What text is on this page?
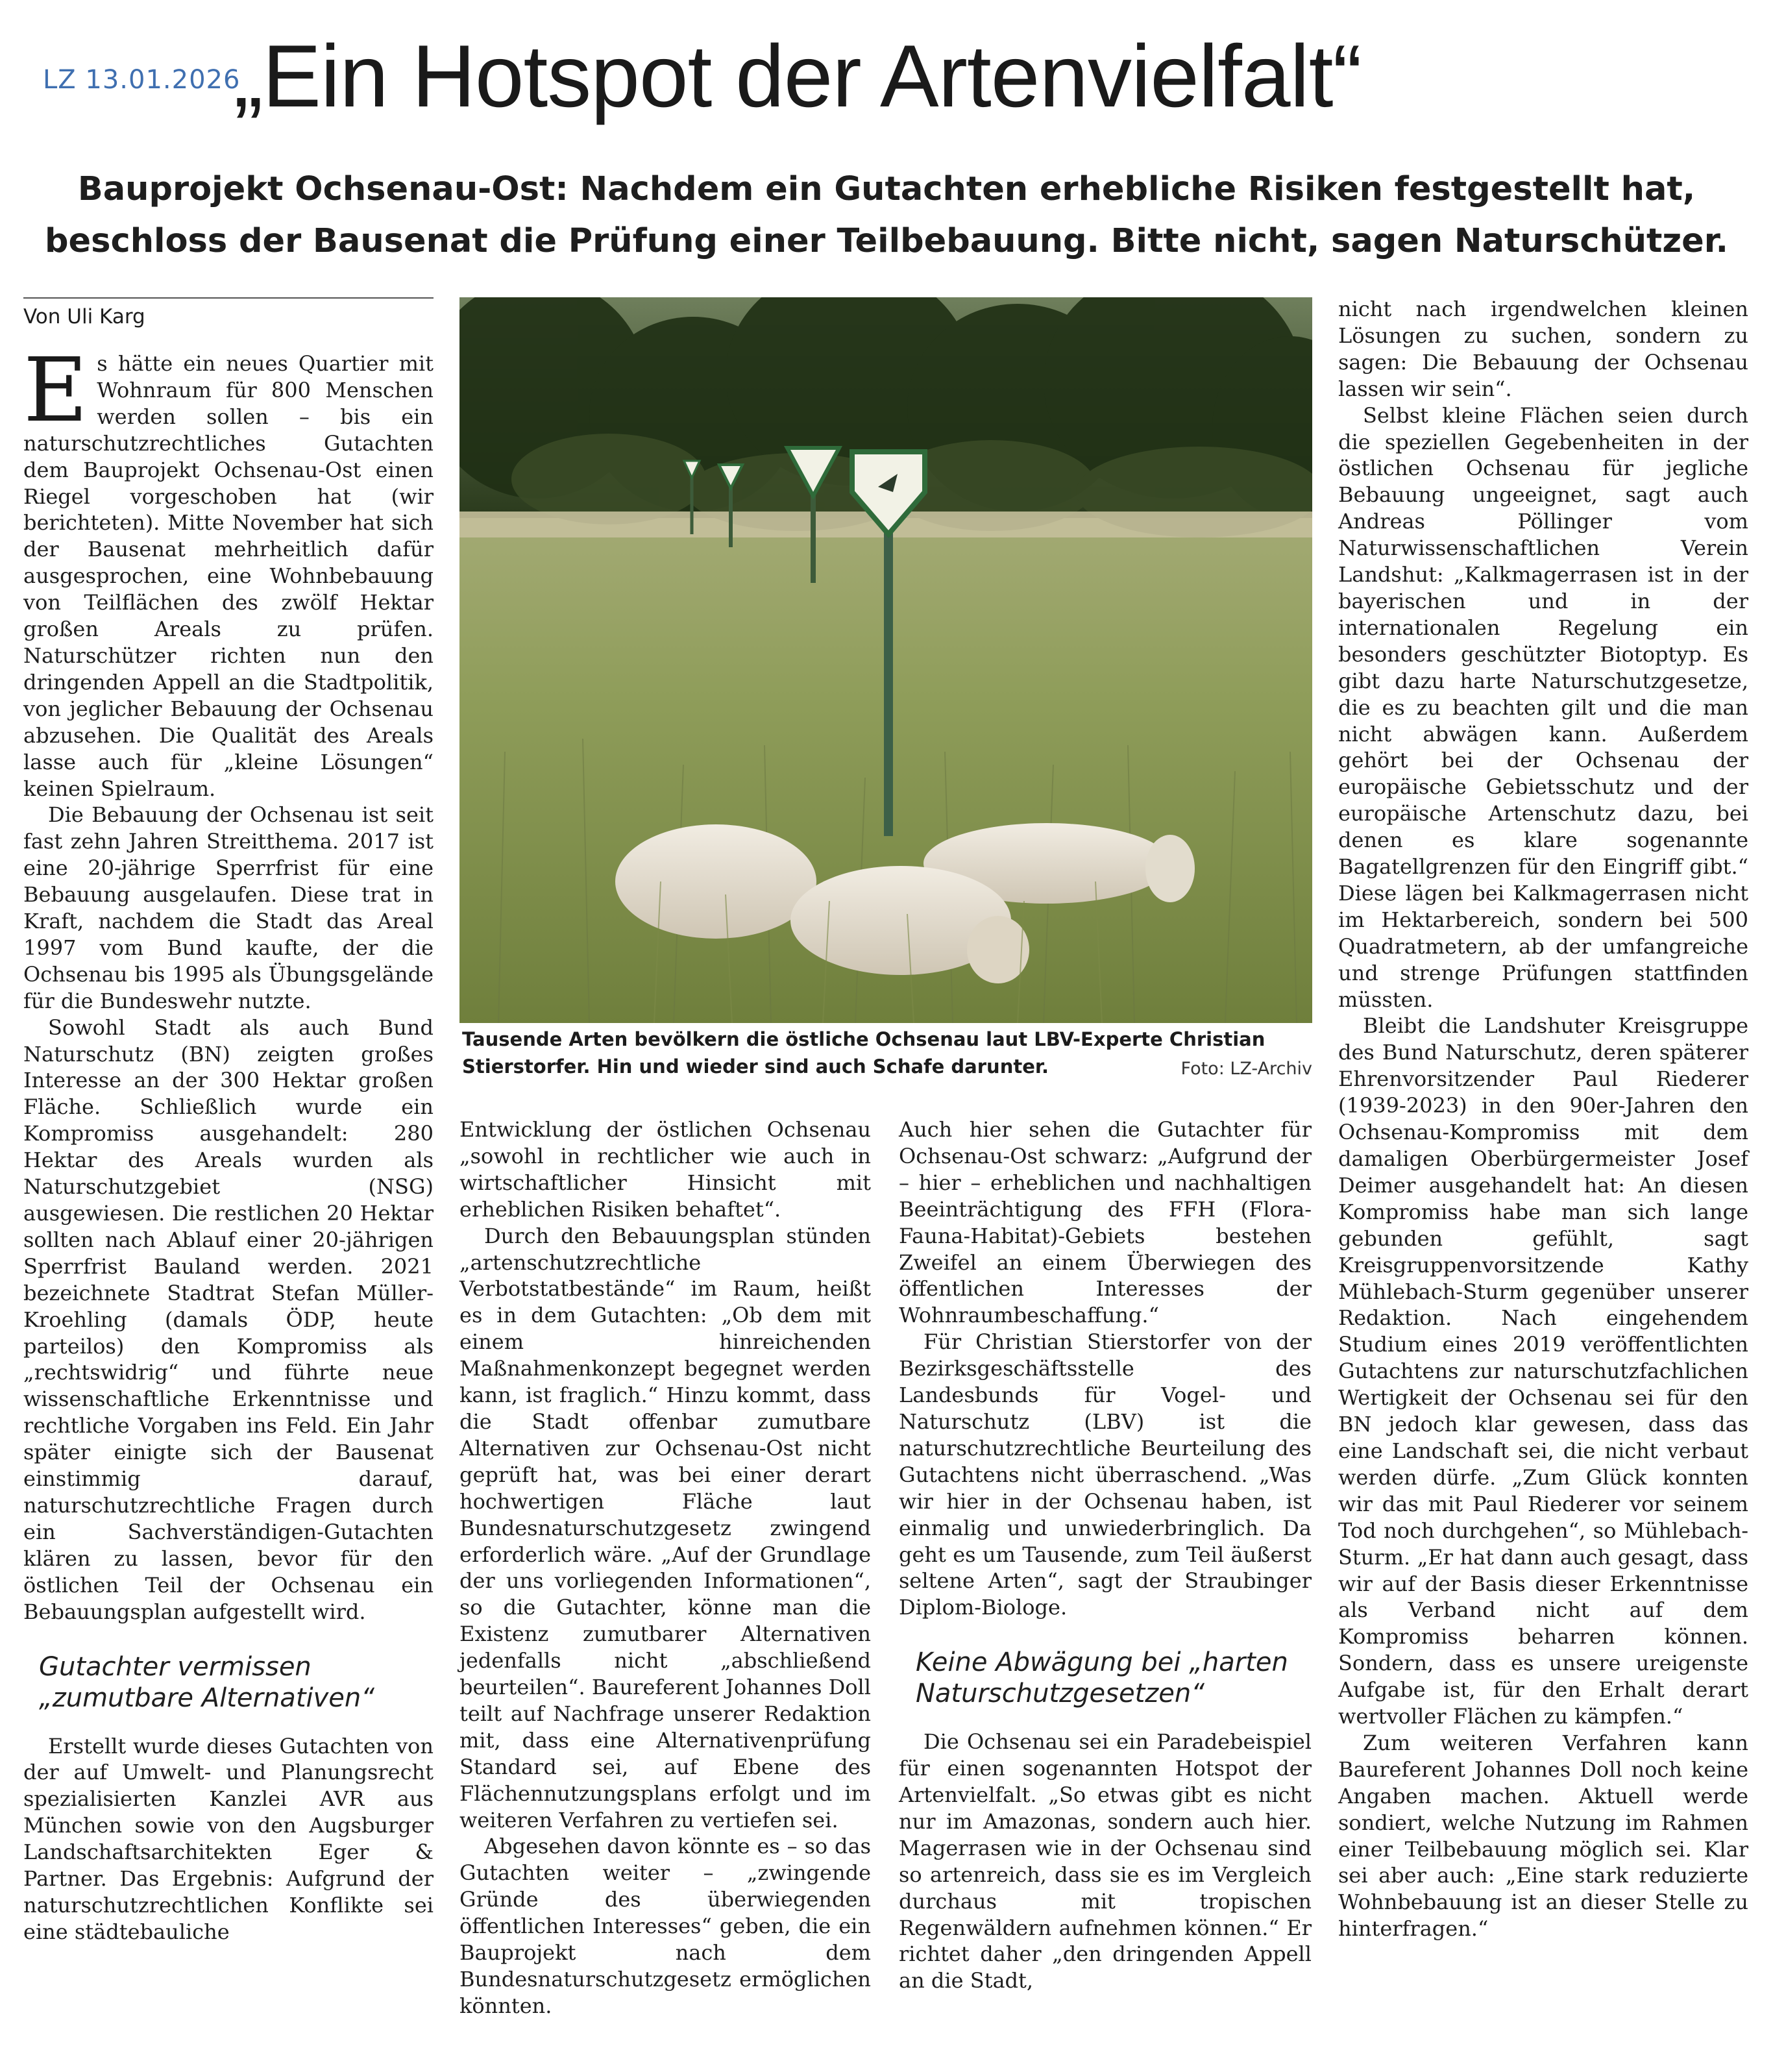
LZ 13.01.2026
„Ein Hotspot der Artenvielfalt“
Bauprojekt Ochsenau-Ost: Nachdem ein Gutachten erhebliche Risiken festgestellt hat,
beschloss der Bausenat die Prüfung einer Teilbebauung. Bitte nicht, sagen Naturschützer.

Von Uli Karg

Es hätte ein neues Quartier mit Wohnraum für 800 Menschen werden sollen – bis ein naturschutzrechtliches Gutachten dem Bauprojekt Ochsenau-Ost einen Riegel vorgeschoben hat (wir berichteten). Mitte November hat sich der Bausenat mehrheitlich dafür ausgesprochen, eine Wohnbebauung von Teilflächen des zwölf Hektar großen Areals zu prüfen. Naturschützer richten nun den dringenden Appell an die Stadtpolitik, von jeglicher Bebauung der Ochsenau abzusehen. Die Qualität des Areals lasse auch für „kleine Lösungen“ keinen Spielraum.

Die Bebauung der Ochsenau ist seit fast zehn Jahren Streitthema. 2017 ist eine 20-jährige Sperrfrist für eine Bebauung ausgelaufen. Diese trat in Kraft, nachdem die Stadt das Areal 1997 vom Bund kaufte, der die Ochsenau bis 1995 als Übungsgelände für die Bundeswehr nutzte.

Sowohl Stadt als auch Bund Naturschutz (BN) zeigten großes Interesse an der 300 Hektar großen Fläche. Schließlich wurde ein Kompromiss ausgehandelt: 280 Hektar des Areals wurden als Naturschutzgebiet (NSG) ausgewiesen. Die restlichen 20 Hektar sollten nach Ablauf einer 20-jährigen Sperrfrist Bauland werden. 2021 bezeichnete Stadtrat Stefan Müller-Kroehling (damals ÖDP, heute parteilos) den Kompromiss als „rechtswidrig“ und führte neue wissenschaftliche Erkenntnisse und rechtliche Vorgaben ins Feld. Ein Jahr später einigte sich der Bausenat einstimmig darauf, naturschutzrechtliche Fragen durch ein Sachverständigen-Gutachten klären zu lassen, bevor für den östlichen Teil der Ochsenau ein Bebauungsplan aufgestellt wird.

Gutachter vermissen „zumutbare Alternativen“

Erstellt wurde dieses Gutachten von der auf Umwelt- und Planungsrecht spezialisierten Kanzlei AVR aus München sowie von den Augsburger Landschaftsarchitekten Eger & Partner. Das Ergebnis: Aufgrund der naturschutzrechtlichen Konflikte sei eine städtebauliche

Tausende Arten bevölkern die östliche Ochsenau laut LBV-Experte Christian Stierstorfer. Hin und wieder sind auch Schafe darunter.	Foto: LZ-Archiv

Entwicklung der östlichen Ochsenau „sowohl in rechtlicher wie auch in wirtschaftlicher Hinsicht mit erheblichen Risiken behaftet“.

Durch den Bebauungsplan stünden „artenschutzrechtliche Verbotstatbestände“ im Raum, heißt es in dem Gutachten: „Ob dem mit einem hinreichenden Maßnahmenkonzept begegnet werden kann, ist fraglich.“ Hinzu kommt, dass die Stadt offenbar zumutbare Alternativen zur Ochsenau-Ost nicht geprüft hat, was bei einer derart hochwertigen Fläche laut Bundesnaturschutzgesetz zwingend erforderlich wäre. „Auf der Grundlage der uns vorliegenden Informationen“, so die Gutachter, könne man die Existenz zumutbarer Alternativen jedenfalls nicht „abschließend beurteilen“. Baureferent Johannes Doll teilt auf Nachfrage unserer Redaktion mit, dass eine Alternativenprüfung Standard sei, auf Ebene des Flächennutzungsplans erfolgt und im weiteren Verfahren zu vertiefen sei.

Abgesehen davon könnte es – so das Gutachten weiter – „zwingende Gründe des überwiegenden öffentlichen Interesses“ geben, die ein Bauprojekt nach dem Bundesnaturschutzgesetz ermöglichen könnten.

Auch hier sehen die Gutachter für Ochsenau-Ost schwarz: „Aufgrund der – hier – erheblichen und nachhaltigen Beeinträchtigung des FFH (Flora-Fauna-Habitat)-Gebiets bestehen Zweifel an einem Überwiegen des öffentlichen Interesses der Wohnraumbeschaffung.“

Für Christian Stierstorfer von der Bezirksgeschäftsstelle des Landesbunds für Vogel- und Naturschutz (LBV) ist die naturschutzrechtliche Beurteilung des Gutachtens nicht überraschend. „Was wir hier in der Ochsenau haben, ist einmalig und unwiederbringlich. Da geht es um Tausende, zum Teil äußerst seltene Arten“, sagt der Straubinger Diplom-Biologe.

Keine Abwägung bei „harten Naturschutzgesetzen“

Die Ochsenau sei ein Paradebeispiel für einen sogenannten Hotspot der Artenvielfalt. „So etwas gibt es nicht nur im Amazonas, sondern auch hier. Magerrasen wie in der Ochsenau sind so artenreich, dass sie es im Vergleich durchaus mit tropischen Regenwäldern aufnehmen können.“ Er richtet daher „den dringenden Appell an die Stadt,

nicht nach irgendwelchen kleinen Lösungen zu suchen, sondern zu sagen: Die Bebauung der Ochsenau lassen wir sein“.

Selbst kleine Flächen seien durch die speziellen Gegebenheiten in der östlichen Ochsenau für jegliche Bebauung ungeeignet, sagt auch Andreas Pöllinger vom Naturwissenschaftlichen Verein Landshut: „Kalkmagerrasen ist in der bayerischen und in der internationalen Regelung ein besonders geschützter Biotoptyp. Es gibt dazu harte Naturschutzgesetze, die es zu beachten gilt und die man nicht abwägen kann. Außerdem gehört bei der Ochsenau der europäische Gebietsschutz und der europäische Artenschutz dazu, bei denen es klare sogenannte Bagatellgrenzen für den Eingriff gibt.“ Diese lägen bei Kalkmagerrasen nicht im Hektarbereich, sondern bei 500 Quadratmetern, ab der umfangreiche und strenge Prüfungen stattfinden müssten.

Bleibt die Landshuter Kreisgruppe des Bund Naturschutz, deren späterer Ehrenvorsitzender Paul Riederer (1939-2023) in den 90er-Jahren den Ochsenau-Kompromiss mit dem damaligen Oberbürgermeister Josef Deimer ausgehandelt hat: An diesen Kompromiss habe man sich lange gebunden gefühlt, sagt Kreisgruppenvorsitzende Kathy Mühlebach-Sturm gegenüber unserer Redaktion. Nach eingehendem Studium eines 2019 veröffentlichten Gutachtens zur naturschutzfachlichen Wertigkeit der Ochsenau sei für den BN jedoch klar gewesen, dass das eine Landschaft sei, die nicht verbaut werden dürfe. „Zum Glück konnten wir das mit Paul Riederer vor seinem Tod noch durchgehen“, so Mühlebach-Sturm. „Er hat dann auch gesagt, dass wir auf der Basis dieser Erkenntnisse als Verband nicht auf dem Kompromiss beharren können. Sondern, dass es unsere ureigenste Aufgabe ist, für den Erhalt derart wertvoller Flächen zu kämpfen.“

Zum weiteren Verfahren kann Baureferent Johannes Doll noch keine Angaben machen. Aktuell werde sondiert, welche Nutzung im Rahmen einer Teilbebauung möglich sei. Klar sei aber auch: „Eine stark reduzierte Wohnbebauung ist an dieser Stelle zu hinterfragen.“
